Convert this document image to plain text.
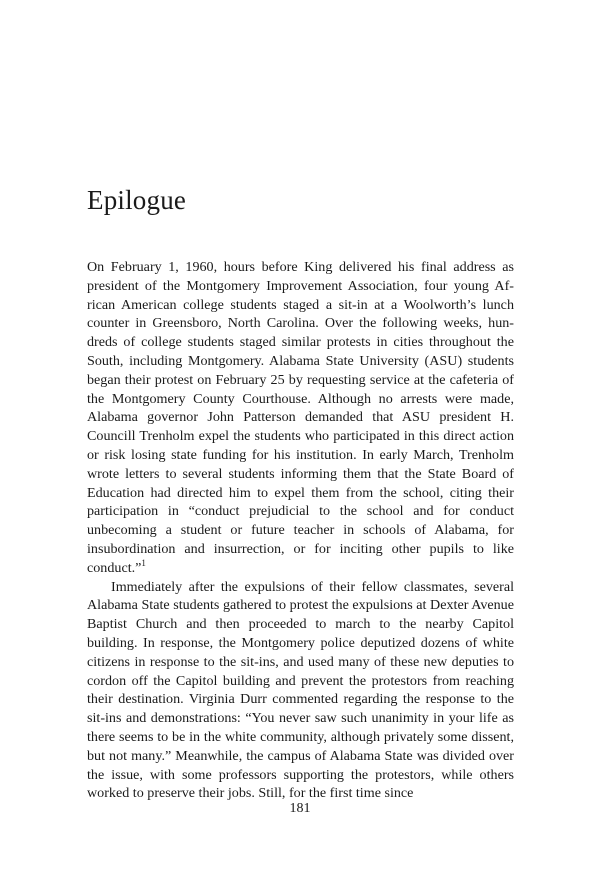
Epilogue

On February 1, 1960, hours before King delivered his final address as president of the Montgomery Improvement Association, four young African American college students staged a sit-in at a Woolworth’s lunch counter in Greensboro, North Carolina. Over the following weeks, hundreds of college students staged similar protests in cities throughout the South, including Montgomery. Alabama State University (ASU) students began their protest on February 25 by requesting service at the cafeteria of the Montgomery County Courthouse. Although no arrests were made, Alabama governor John Patterson demanded that ASU president H. Councill Trenholm expel the students who participated in this direct action or risk losing state funding for his institution. In early March, Trenholm wrote letters to several students informing them that the State Board of Education had directed him to expel them from the school, citing their participation in “conduct prejudicial to the school and for conduct unbecoming a student or future teacher in schools of Alabama, for insubordination and insurrection, or for inciting other pupils to like conduct.”$^1$

Immediately after the expulsions of their fellow classmates, several Alabama State students gathered to protest the expulsions at Dexter Avenue Baptist Church and then proceeded to march to the nearby Capitol building. In response, the Montgomery police deputized dozens of white citizens in response to the sit-ins, and used many of these new deputies to cordon off the Capitol building and prevent the protestors from reaching their destination. Virginia Durr commented regarding the response to the sit-ins and demonstrations: “You never saw such unanimity in your life as there seems to be in the white community, although privately some dissent, but not many.” Meanwhile, the campus of Alabama State was divided over the issue, with some professors supporting the protestors, while others worked to preserve their jobs. Still, for the first time since

181
